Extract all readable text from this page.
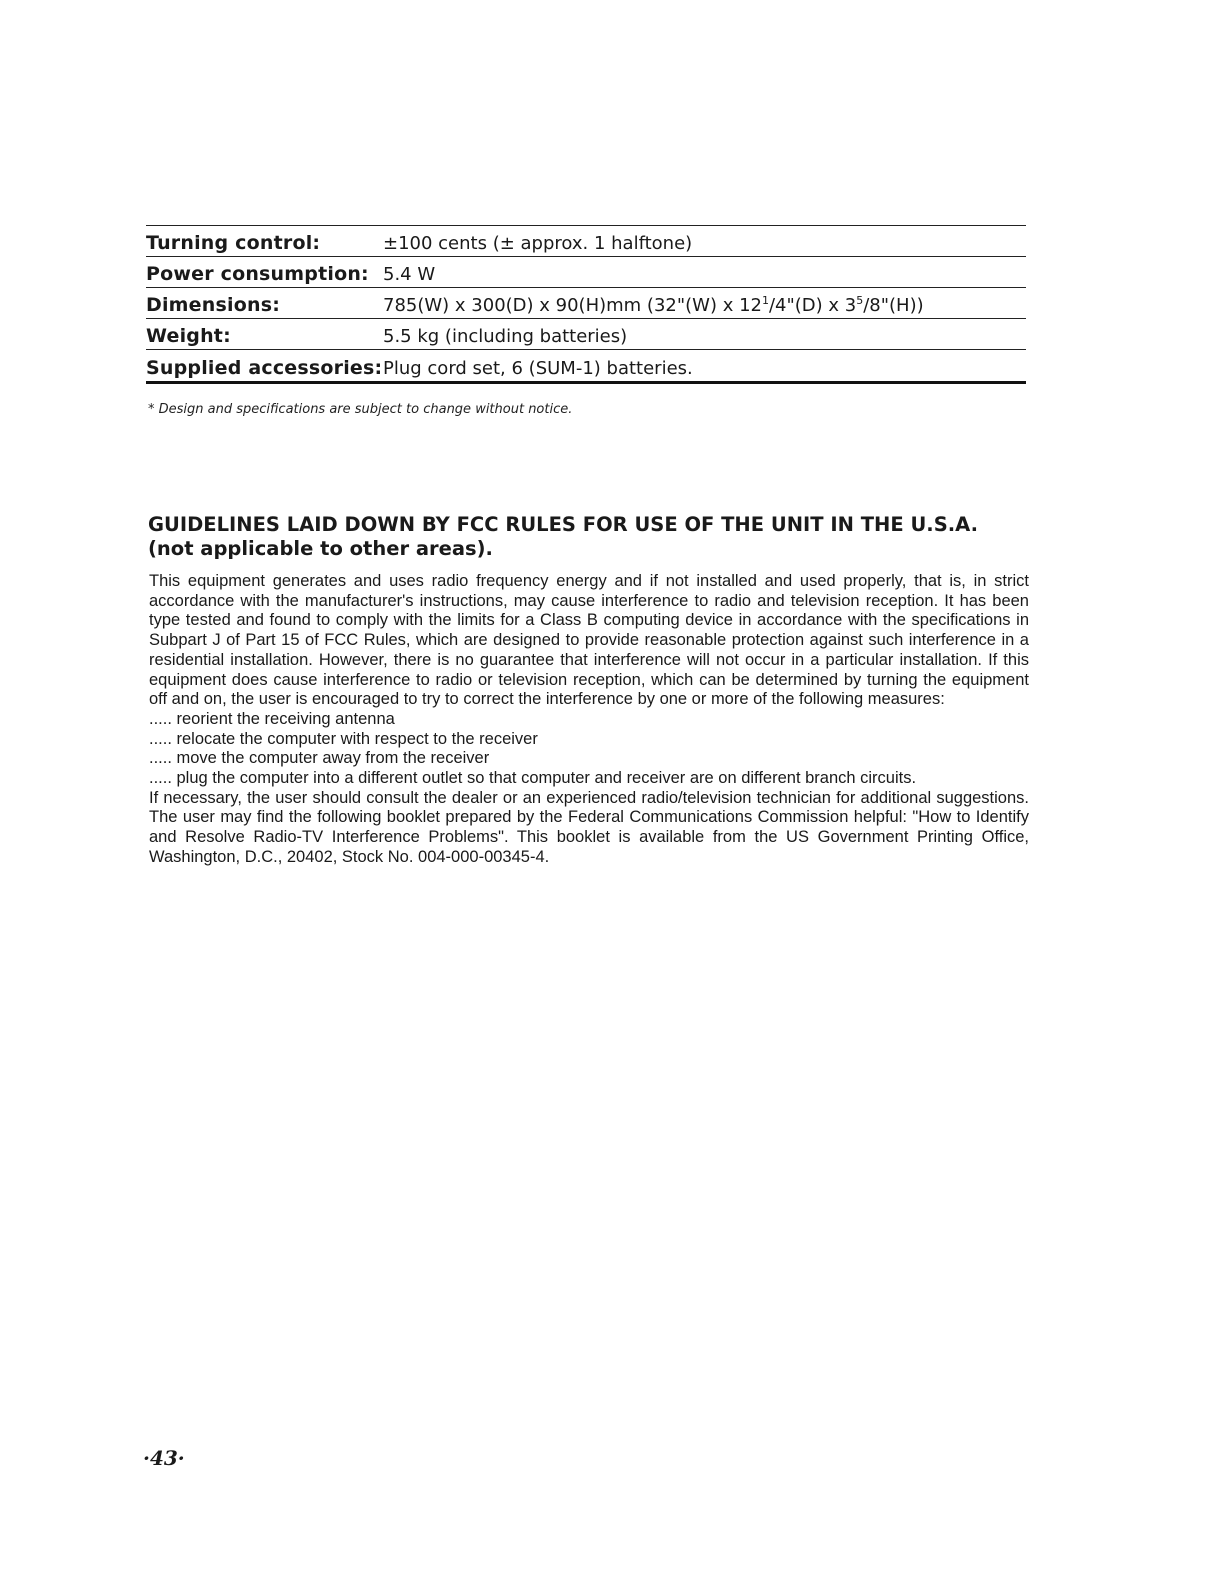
Turning control:	±100 cents (± approx. 1 halftone)
Power consumption: 5.4 W
Dimensions:	785(W) x 300(D) x 90(H)mm (32"(W) x $12^1/4"(D)$ x $3^5/8"(H)$)
Weight:	5.5 kg (including batteries)
Supplied accessories: Plug cord set, 6 (SUM-1) batteries.
* Design and specifications are subject to change without notice.
GUIDELINES LAID DOWN BY FCC RULES FOR USE OF THE UNIT IN THE U.S.A.
(not applicable to other areas).

This equipment generates and uses radio frequency energy and if not installed and used properly, that is, in strict accordance with the manufacturer's instructions, may cause interference to radio and television reception. It has been type tested and found to comply with the limits for a Class B computing device in accordance with the specifications in Subpart J of Part 15 of FCC Rules, which are designed to provide reasonable protection against such interference in a residential installation. However, there is no guarantee that interference will not occur in a particular installation. If this equipment does cause interference to radio or television reception, which can be determined by turning the equipment off and on, the user is encouraged to try to correct the interference by one or more of the following measures:

..... reorient the receiving antenna
..... relocate the computer with respect to the receiver
..... move the computer away from the receiver
..... plug the computer into a different outlet so that computer and receiver are on different branch circuits.

If necessary, the user should consult the dealer or an experienced radio/television technician for additional suggestions. The user may find the following booklet prepared by the Federal Communications Commission helpful: "How to Identify and Resolve Radio-TV Interference Problems". This booklet is available from the US Government Printing Office, Washington, D.C., 20402, Stock No. 004-000-00345-4.

·43·
